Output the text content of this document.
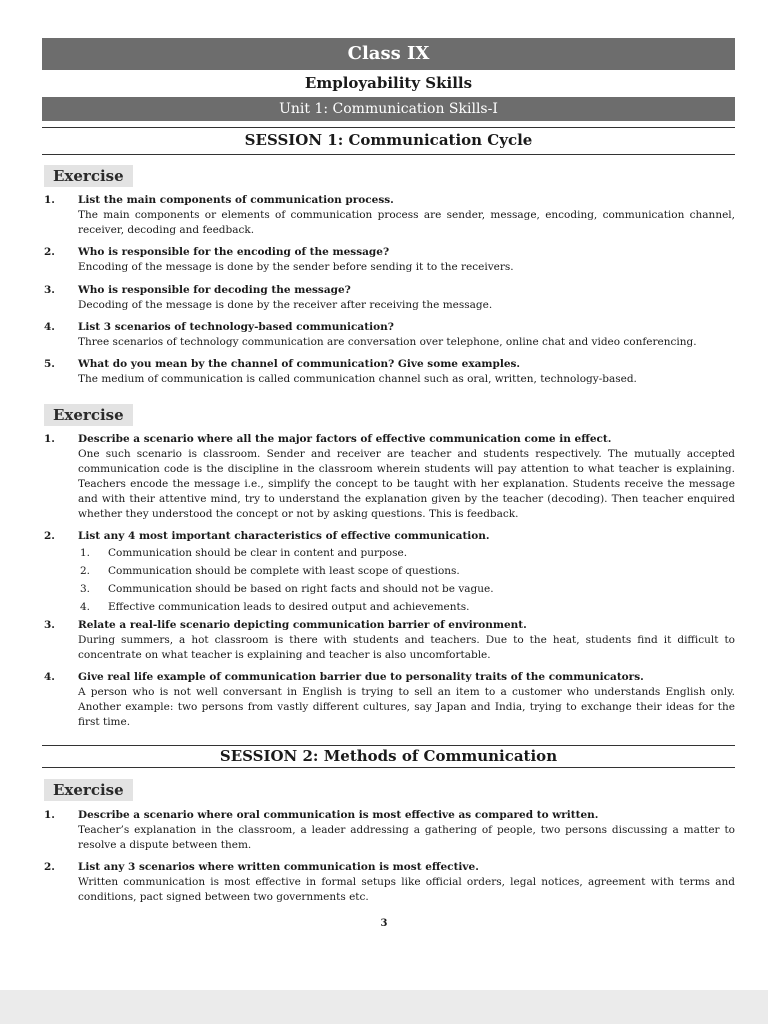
Class IX
Employability Skills
Unit 1: Communication Skills-I
SESSION 1: Communication Cycle
Exercise
1.	List the main components of communication process.
The main components or elements of communication process are sender, message, encoding, communication channel, receiver, decoding and feedback.
2.	Who is responsible for the encoding of the message?
Encoding of the message is done by the sender before sending it to the receivers.
3.	Who is responsible for decoding the message?
Decoding of the message is done by the receiver after receiving the message.
4.	List 3 scenarios of technology-based communication?
Three scenarios of technology communication are conversation over telephone, online chat and video conferencing.
5.	What do you mean by the channel of communication? Give some examples.
The medium of communication is called communication channel such as oral, written, technology-based.
Exercise
1.	Describe a scenario where all the major factors of effective communication come in effect.
One such scenario is classroom. Sender and receiver are teacher and students respectively. The mutually accepted communication code is the discipline in the classroom wherein students will pay attention to what teacher is explaining. Teachers encode the message i.e., simplify the concept to be taught with her explanation. Students receive the message and with their attentive mind, try to understand the explanation given by the teacher (decoding). Then teacher enquired whether they understood the concept or not by asking questions. This is feedback.
2.	List any 4 most important characteristics of effective communication.
1. Communication should be clear in content and purpose.
2. Communication should be complete with least scope of questions.
3. Communication should be based on right facts and should not be vague.
4. Effective communication leads to desired output and achievements.
3.	Relate a real-life scenario depicting communication barrier of environment.
During summers, a hot classroom is there with students and teachers. Due to the heat, students find it difficult to concentrate on what teacher is explaining and teacher is also uncomfortable.
4.	Give real life example of communication barrier due to personality traits of the communicators.
A person who is not well conversant in English is trying to sell an item to a customer who understands English only. Another example: two persons from vastly different cultures, say Japan and India, trying to exchange their ideas for the first time.
SESSION 2: Methods of Communication
Exercise
1.	Describe a scenario where oral communication is most effective as compared to written.
Teacher’s explanation in the classroom, a leader addressing a gathering of people, two persons discussing a matter to resolve a dispute between them.
2.	List any 3 scenarios where written communication is most effective.
Written communication is most effective in formal setups like official orders, legal notices, agreement with terms and conditions, pact signed between two governments etc.
3
